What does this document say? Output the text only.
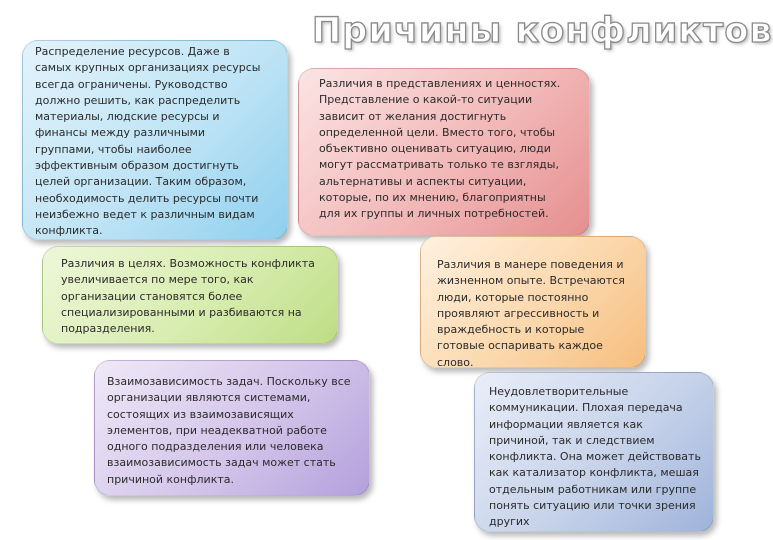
Причины конфликтов
Распределение ресурсов. Даже в
самых крупных организациях ресурсы
всегда ограничены. Руководство
должно решить, как распределить
материалы, людские ресурсы и
финансы между различными
группами, чтобы наиболее
эффективным образом достигнуть
целей организации. Таким образом,
необходимость делить ресурсы почти
неизбежно ведет к различным видам
конфликта.
Различия в представлениях и ценностях.
Представление о какой-то ситуации
зависит от желания достигнуть
определенной цели. Вместо того, чтобы
объективно оценивать ситуацию, люди
могут рассматривать только те взгляды,
альтернативы и аспекты ситуации,
которые, по их мнению, благоприятны
для их группы и личных потребностей.
Различия в целях. Возможность конфликта
увеличивается по мере того, как
организации становятся более
специализированными и разбиваются на
подразделения.
Различия в манере поведения и
жизненном опыте. Встречаются
люди, которые постоянно
проявляют агрессивность и
враждебность и которые
готовые оспаривать каждое
слово.
Взаимозависимость задач. Поскольку все
организации являются системами,
состоящих из взаимозависящих
элементов, при неадекватной работе
одного подразделения или человека
взаимозависимость задач может стать
причиной конфликта.
Неудовлетворительные
коммуникации. Плохая передача
информации является как
причиной, так и следствием
конфликта. Она может действовать
как катализатор конфликта, мешая
отдельным работникам или группе
понять ситуацию или точки зрения
других
